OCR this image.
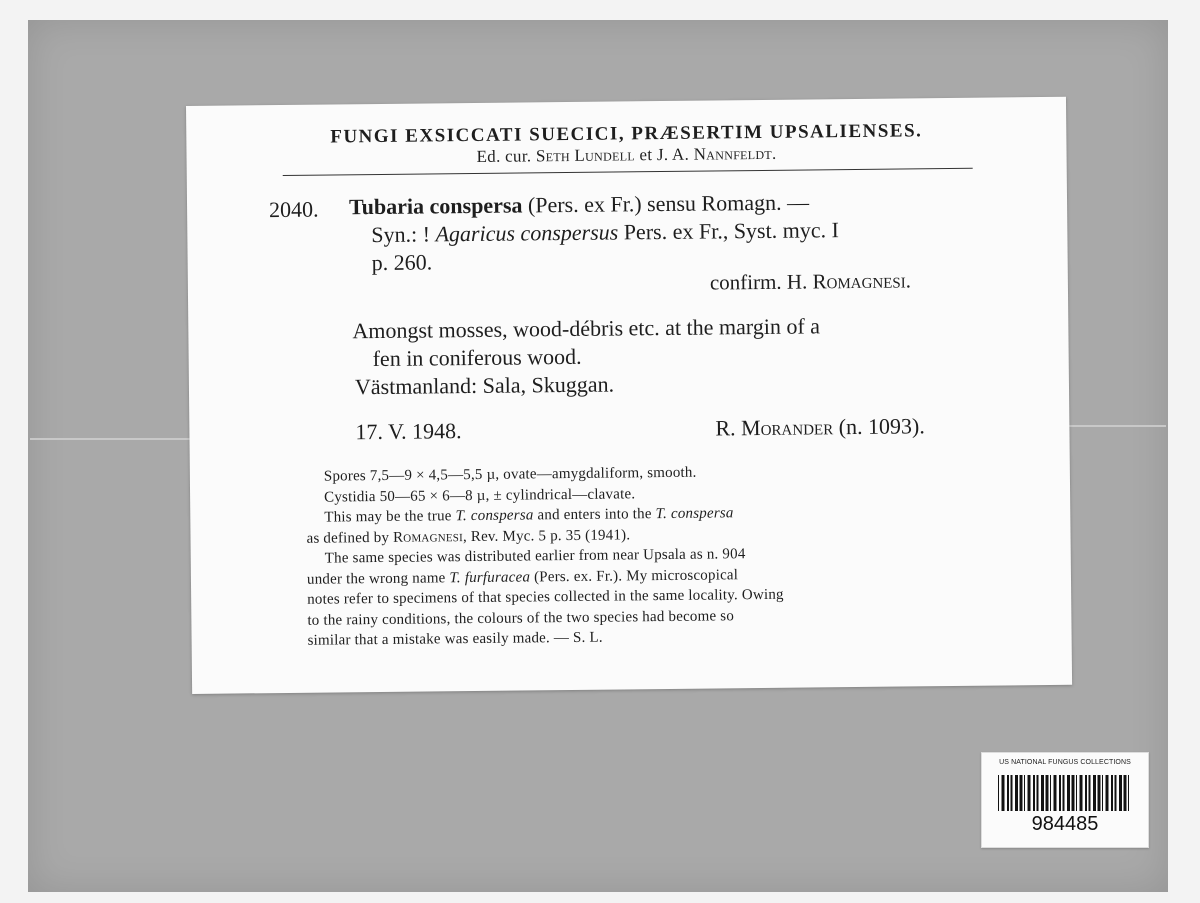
FUNGI EXSICCATI SUECICI, PRÆSERTIM UPSALIENSES.
Ed. cur. Seth Lundell et J. A. Nannfeldt.
2040. Tubaria conspersa (Pers. ex Fr.) sensu Romagn. —
Syn.: ! Agaricus conspersus Pers. ex Fr., Syst. myc. I
p. 260.
confirm. H. Romagnesi.
Amongst mosses, wood-débris etc. at the margin of a
fen in coniferous wood.
Västmanland: Sala, Skuggan.
17. V. 1948.	R. Morander (n. 1093).
Spores 7,5—9 × 4,5—5,5 µ, ovate—amygdaliform, smooth.
Cystidia 50—65 × 6—8 µ, ± cylindrical—clavate.
This may be the true T. conspersa and enters into the T. conspersa
as defined by Romagnesi, Rev. Myc. 5 p. 35 (1941).
The same species was distributed earlier from near Upsala as n. 904
under the wrong name T. furfuracea (Pers. ex. Fr.). My microscopical
notes refer to specimens of that species collected in the same locality. Owing
to the rainy conditions, the colours of the two species had become so
similar that a mistake was easily made. — S. L.
US NATIONAL FUNGUS COLLECTIONS
984485
